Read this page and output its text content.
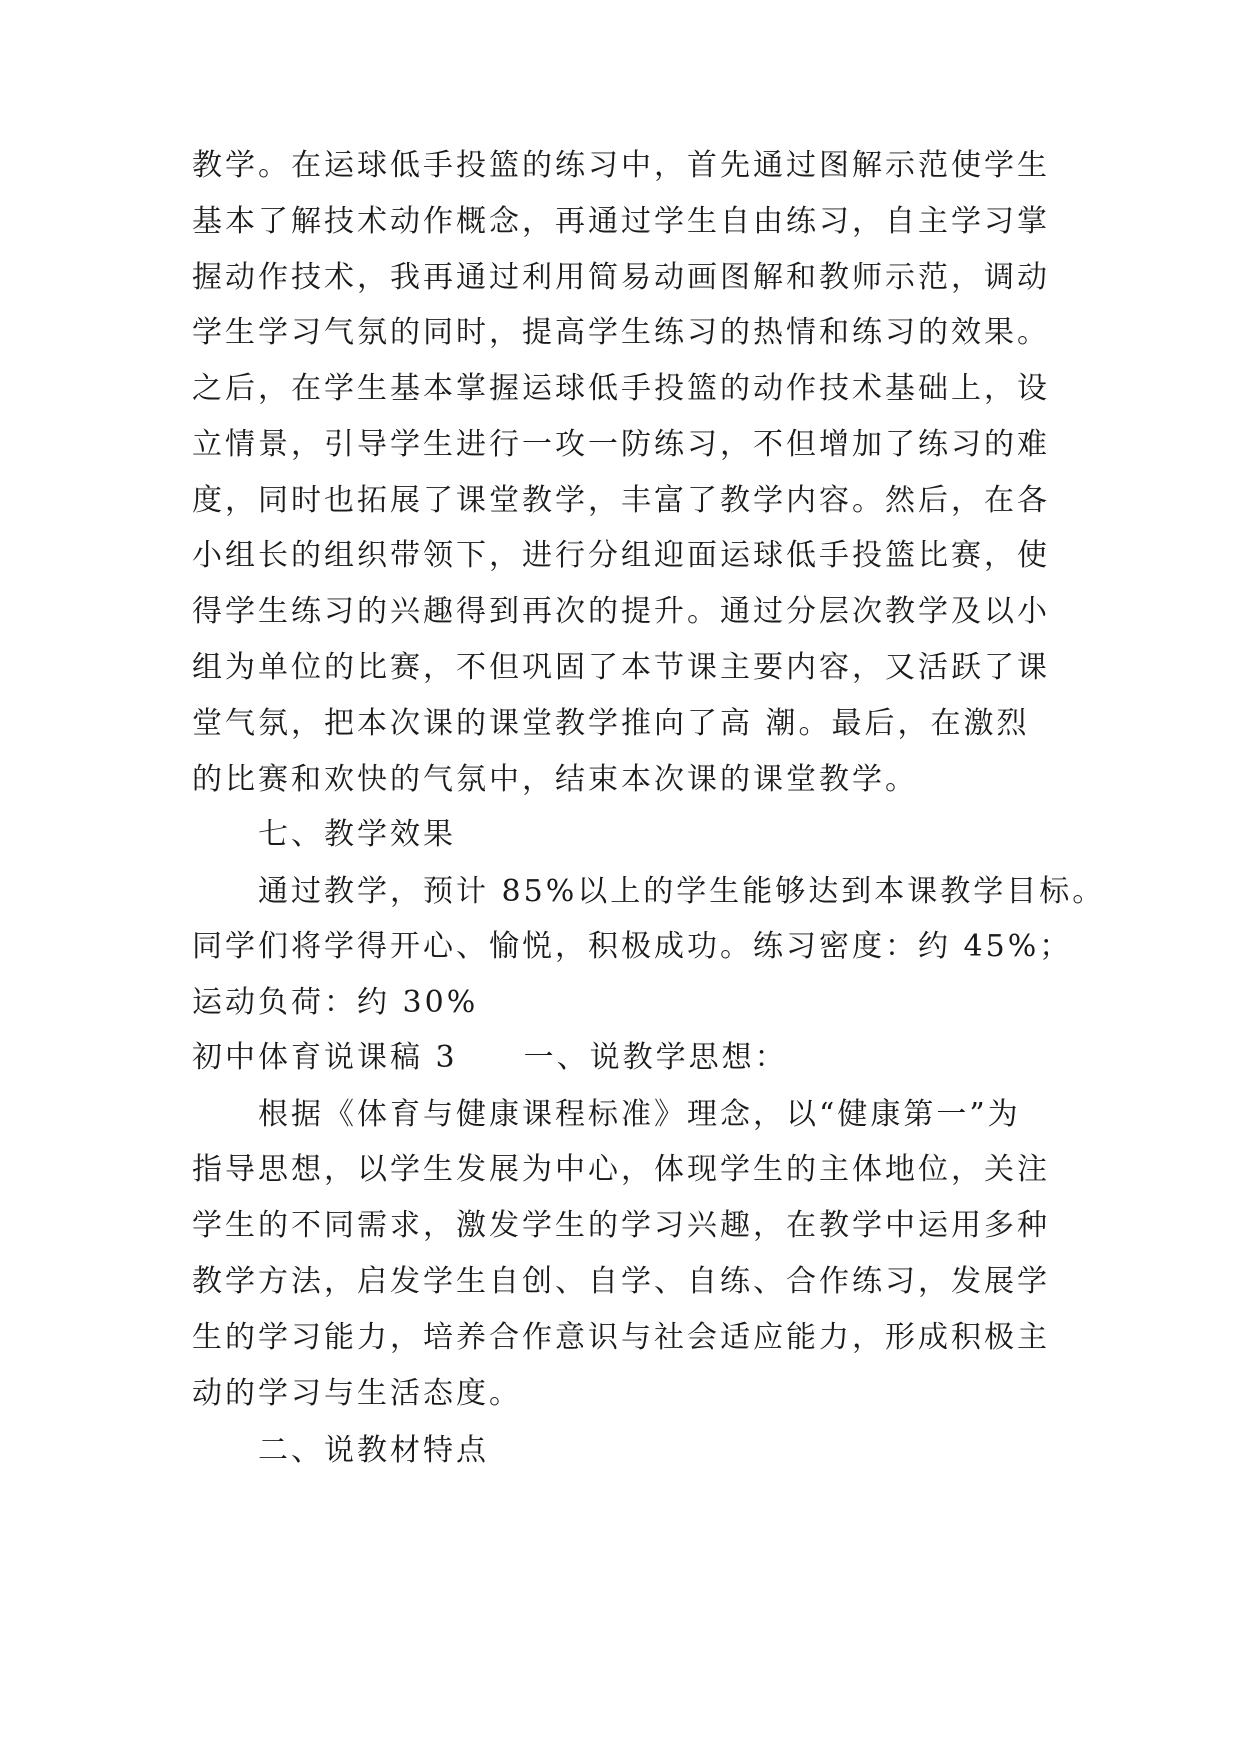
教学。在运球低手投篮的练习中，首先通过图解示范使学生
基本了解技术动作概念，再通过学生自由练习，自主学习掌
握动作技术，我再通过利用简易动画图解和教师示范，调动
学生学习气氛的同时，提高学生练习的热情和练习的效果。
之后，在学生基本掌握运球低手投篮的动作技术基础上，设
立情景，引导学生进行一攻一防练习，不但增加了练习的难
度，同时也拓展了课堂教学，丰富了教学内容。然后，在各
小组长的组织带领下，进行分组迎面运球低手投篮比赛，使
得学生练习的兴趣得到再次的提升。通过分层次教学及以小
组为单位的比赛，不但巩固了本节课主要内容，又活跃了课
堂气氛，把本次课的课堂教学推向了高 潮。最后，在激烈
的比赛和欢快的气氛中，结束本次课的课堂教学。
七、教学效果
通过教学，预计 85%以上的学生能够达到本课教学目标。
同学们将学得开心、愉悦，积极成功。练习密度：约 45%；
运动负荷：约 30%
初中体育说课稿 3　　一、说教学思想：
根据《体育与健康课程标准》理念，以“健康第一”为
指导思想，以学生发展为中心，体现学生的主体地位，关注
学生的不同需求，激发学生的学习兴趣，在教学中运用多种
教学方法，启发学生自创、自学、自练、合作练习，发展学
生的学习能力，培养合作意识与社会适应能力，形成积极主
动的学习与生活态度。
二、说教材特点
